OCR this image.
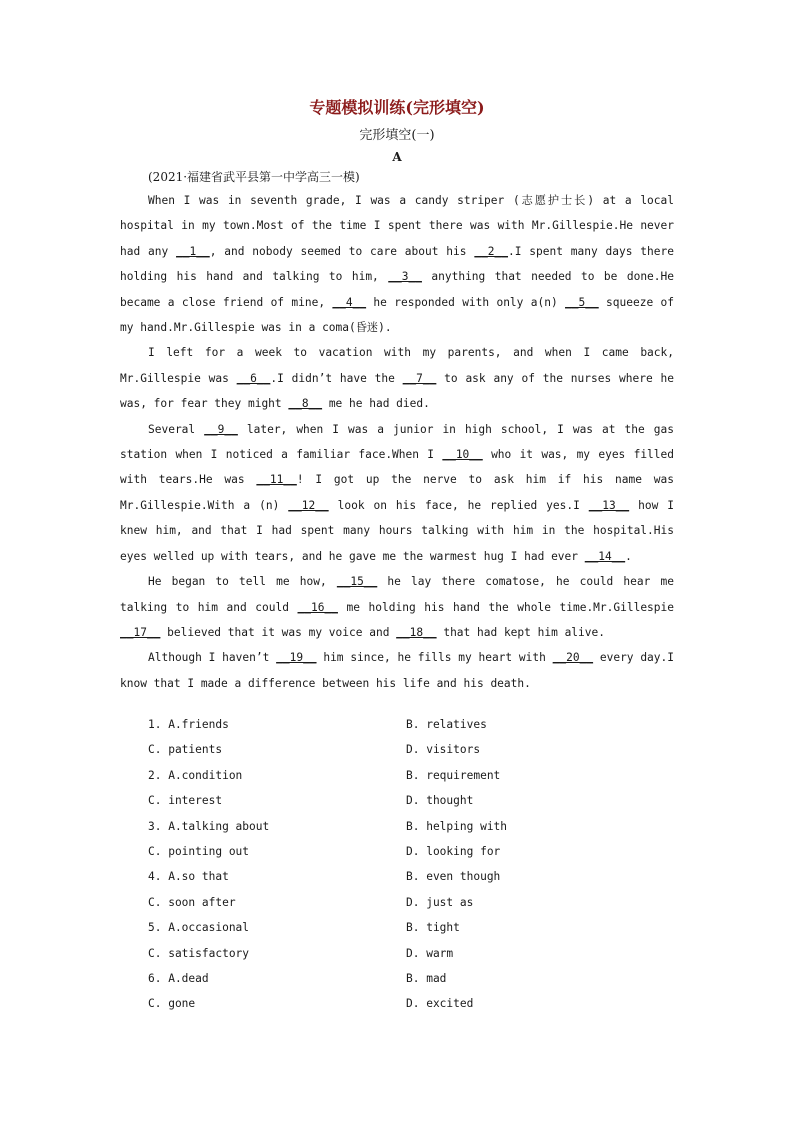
专题模拟训练(完形填空)
完形填空(一)
A
(2021·福建省武平县第一中学高三一模)

When I was in seventh grade, I was a candy striper (志愿护士长) at a local hospital in my town.Most of the time I spent there was with Mr.Gillespie.He never had any __1__, and nobody seemed to care about his __2__.I spent many days there holding his hand and talking to him, __3__ anything that needed to be done.He became a close friend of mine, __4__ he responded with only a(n) __5__ squeeze of my hand.Mr.Gillespie was in a coma(昏迷).

I left for a week to vacation with my parents, and when I came back, Mr.Gillespie was __6__.I didn’t have the __7__ to ask any of the nurses where he was, for fear they might __8__ me he had died.

Several __9__ later, when I was a junior in high school, I was at the gas station when I noticed a familiar face.When I __10__ who it was, my eyes filled with tears.He was __11__! I got up the nerve to ask him if his name was Mr.Gillespie.With a (n) __12__ look on his face, he replied yes.I __13__ how I knew him, and that I had spent many hours talking with him in the hospital.His eyes welled up with tears, and he gave me the warmest hug I had ever __14__.

He began to tell me how, __15__ he lay there comatose, he could hear me talking to him and could __16__ me holding his hand the whole time.Mr.Gillespie __17__ believed that it was my voice and __18__ that had kept him alive.

Although I haven’t __19__ him since, he fills my heart with __20__ every day.I know that I made a difference between his life and his death.

1. A.friends	B. relatives
C. patients	D. visitors
2. A.condition	B. requirement
C. interest	D. thought
3. A.talking about	B. helping with
C. pointing out	D. looking for
4. A.so that	B. even though
C. soon after	D. just as
5. A.occasional	B. tight
C. satisfactory	D. warm
6. A.dead	B. mad
C. gone	D. excited
